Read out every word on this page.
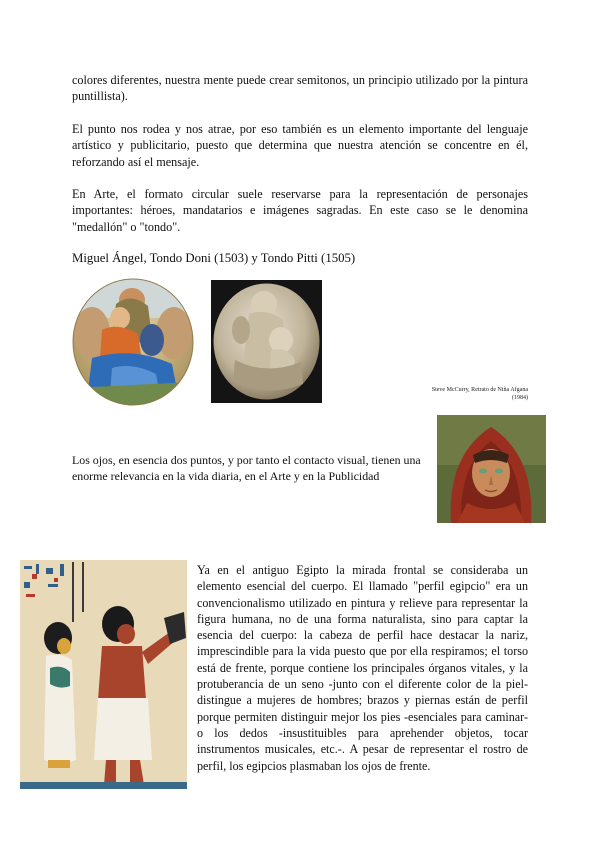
colores diferentes, nuestra mente puede crear semitonos, un principio utilizado por la pintura puntillista).

El punto nos rodea y nos atrae, por eso también es un elemento importante del lenguaje artístico y publicitario, puesto que determina que nuestra atención se concentre en él, reforzando así el mensaje.

En Arte, el formato circular suele reservarse para la representación de personajes importantes: héroes, mandatarios e imágenes sagradas. En este caso se le denomina "medallón" o "tondo".

Miguel Ángel, Tondo Doni (1503) y Tondo Pitti (1505)

Steve McCurry, Retrato de Niña Afgana
(1984)

Los ojos, en esencia dos puntos, y por tanto el contacto visual, tienen una enorme relevancia en la vida diaria, en el Arte y en la Publicidad

Ya en el antiguo Egipto la mirada frontal se consideraba un elemento esencial del cuerpo. El llamado "perfil egipcio" era un convencionalismo utilizado en pintura y relieve para representar la figura humana, no de una forma naturalista, sino para captar la esencia del cuerpo: la cabeza de perfil hace destacar la nariz, imprescindible para la vida puesto que por ella respiramos; el torso está de frente, porque contiene los principales órganos vitales, y la protuberancia de un seno -junto con el diferente color de la piel-distingue a mujeres de hombres; brazos y piernas están de perfil porque permiten distinguir mejor los pies -esenciales para caminar- o los dedos -insustituibles para aprehender objetos, tocar instrumentos musicales, etc.-. A pesar de representar el rostro de perfil, los egipcios plasmaban los ojos de frente.
